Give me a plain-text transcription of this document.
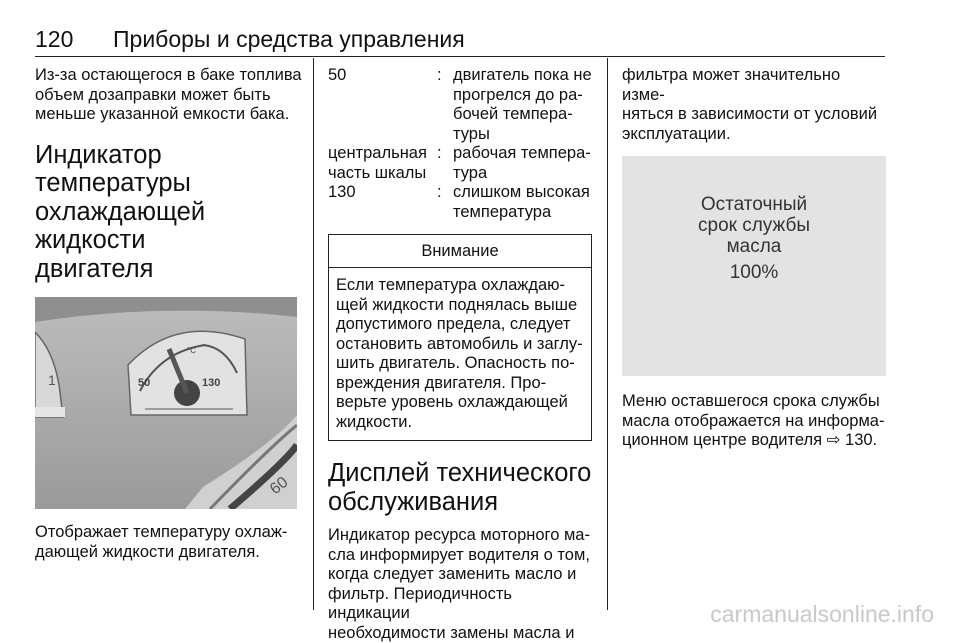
120 Приборы и средства управления

Из-за остающегося в баке топлива
объем дозаправки может быть
меньше указанной емкости бака.

Индикатор температуры
охлаждающей жидкости
двигателя
1	50	130
°C
60

Отображает температуру охлаж-
дающей жидкости двигателя.

50	: двигатель пока не
прогрелся до ра-
бочей темпера-
туры
центральная
часть шкалы
: рабочая темпера-
тура
130	: слишком высокая
температура
Внимание

Если температура охлаждаю-
щей жидкости поднялась выше
допустимого предела, следует
остановить автомобиль и заглу-
шить двигатель. Опасность по-
вреждения двигателя. Про-
верьте уровень охлаждающей
жидкости.

Дисплей технического
обслуживания

Индикатор ресурса моторного ма-
сла информирует водителя о том,
когда следует заменить масло и
фильтр. Периодичность индикации
необходимости замены масла и

фильтра может значительно изме-
няться в зависимости от условий
эксплуатации.

Остаточный
срок службы
масла
100%

Меню оставшегося срока службы
масла отображается на информа-
ционном центре водителя ⇨ 130.

carmanualsonline.info
